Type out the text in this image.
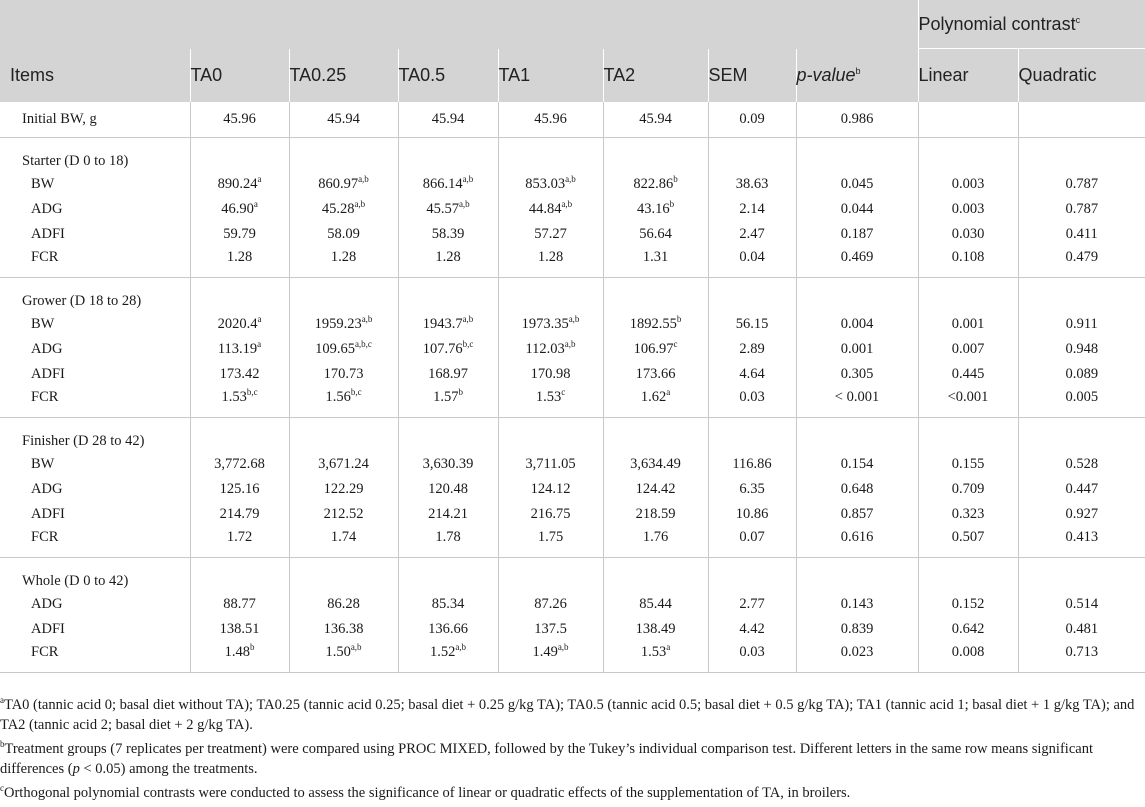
								Polynomial contrast$^c$
Items	TA0	TA0.25	TA0.5	TA1	TA2	SEM	p-value$^b$	Linear	Quadratic
Initial BW, g	45.96	45.94	45.94	45.96	45.94	0.09	0.986		
Starter (D 0 to 18)									
BW	890.24$^a$	860.97$^{a,b}$	866.14$^{a,b}$	853.03$^{a,b}$	822.86$^b$	38.63	0.045	0.003	0.787
ADG	46.90$^a$	45.28$^{a,b}$	45.57$^{a,b}$	44.84$^{a,b}$	43.16$^b$	2.14	0.044	0.003	0.787
ADFI	59.79	58.09	58.39	57.27	56.64	2.47	0.187	0.030	0.411
FCR	1.28	1.28	1.28	1.28	1.31	0.04	0.469	0.108	0.479
Grower (D 18 to 28)									
BW	2020.4$^a$	1959.23$^{a,b}$	1943.7$^{a,b}$	1973.35$^{a,b}$	1892.55$^b$	56.15	0.004	0.001	0.911
ADG	113.19$^a$	109.65$^{a,b,c}$	107.76$^{b,c}$	112.03$^{a,b}$	106.97$^c$	2.89	0.001	0.007	0.948
ADFI	173.42	170.73	168.97	170.98	173.66	4.64	0.305	0.445	0.089
FCR	1.53$^{b,c}$	1.56$^{b,c}$	1.57$^b$	1.53$^c$	1.62$^a$	0.03	< 0.001	<0.001	0.005
Finisher (D 28 to 42)									
BW	3,772.68	3,671.24	3,630.39	3,711.05	3,634.49	116.86	0.154	0.155	0.528
ADG	125.16	122.29	120.48	124.12	124.42	6.35	0.648	0.709	0.447
ADFI	214.79	212.52	214.21	216.75	218.59	10.86	0.857	0.323	0.927
FCR	1.72	1.74	1.78	1.75	1.76	0.07	0.616	0.507	0.413
Whole (D 0 to 42)									
ADG	88.77	86.28	85.34	87.26	85.44	2.77	0.143	0.152	0.514
ADFI	138.51	136.38	136.66	137.5	138.49	4.42	0.839	0.642	0.481
FCR	1.48$^b$	1.50$^{a,b}$	1.52$^{a,b}$	1.49$^{a,b}$	1.53$^a$	0.03	0.023	0.008	0.713

$^a$TA0 (tannic acid 0; basal diet without TA); TA0.25 (tannic acid 0.25; basal diet + 0.25 g/kg TA); TA0.5 (tannic acid 0.5; basal diet + 0.5 g/kg TA); TA1 (tannic acid 1; basal diet + 1 g/kg TA); and TA2 (tannic acid 2; basal diet + 2 g/kg TA).

$^b$Treatment groups (7 replicates per treatment) were compared using PROC MIXED, followed by the Tukey’s individual comparison test. Different letters in the same row means significant differences (p < 0.05) among the treatments.

$^c$Orthogonal polynomial contrasts were conducted to assess the significance of linear or quadratic effects of the supplementation of TA, in broilers.
